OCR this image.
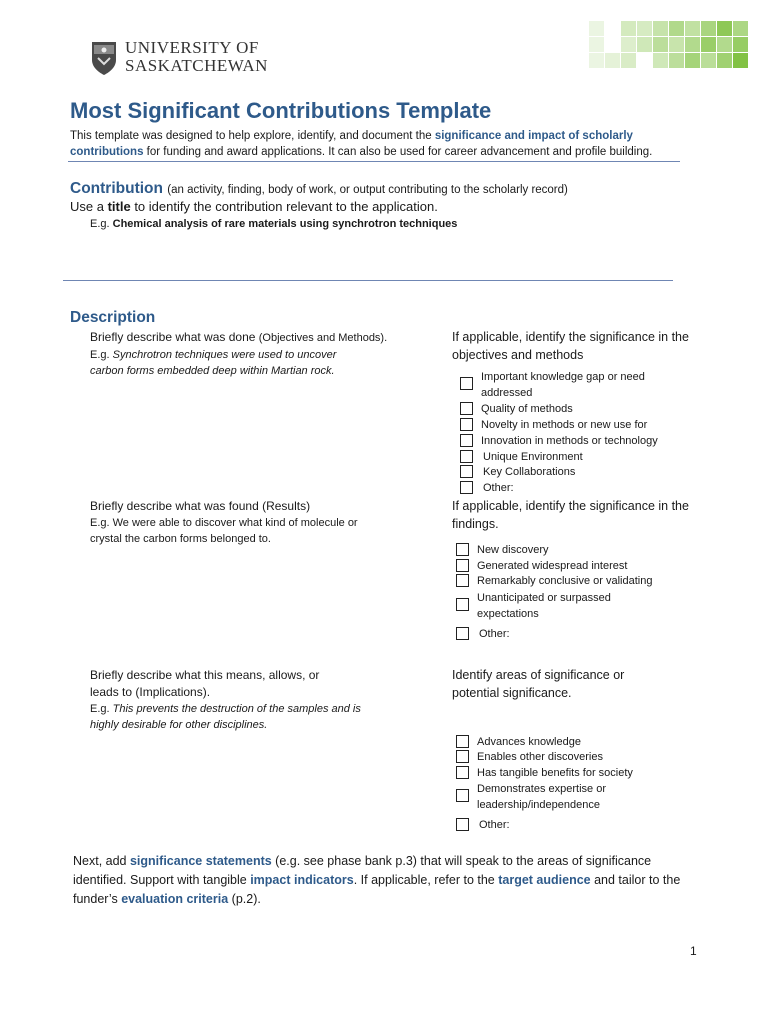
UNIVERSITY OF
SASKATCHEWAN
Most Significant Contributions Template
This template was designed to help explore, identify, and document the significance and impact of scholarly contributions for funding and award applications. It can also be used for career advancement and profile building.
Contribution (an activity, finding, body of work, or output contributing to the scholarly record)
Use a title to identify the contribution relevant to the application.
E.g. Chemical analysis of rare materials using synchrotron techniques
Description
Briefly describe what was done (Objectives and Methods).
E.g. Synchrotron techniques were used to uncover carbon forms embedded deep within Martian rock.
If applicable, identify the significance in the objectives and methods
Important knowledge gap or need addressed
Quality of methods
Novelty in methods or new use for
Innovation in methods or technology
Unique Environment
Key Collaborations
Other:
Briefly describe what was found (Results)
E.g. We were able to discover what kind of molecule or crystal the carbon forms belonged to.
If applicable, identify the significance in the findings.
New discovery
Generated widespread interest
Remarkably conclusive or validating
Unanticipated or surpassed expectations
Other:
Briefly describe what this means, allows, or leads to (Implications).
E.g. This prevents the destruction of the samples and is highly desirable for other disciplines.
Identify areas of significance or potential significance.
Advances knowledge
Enables other discoveries
Has tangible benefits for society
Demonstrates expertise or leadership/independence
Other:
Next, add significance statements (e.g. see phase bank p.3) that will speak to the areas of significance identified. Support with tangible impact indicators. If applicable, refer to the target audience and tailor to the funder’s evaluation criteria (p.2).
1
